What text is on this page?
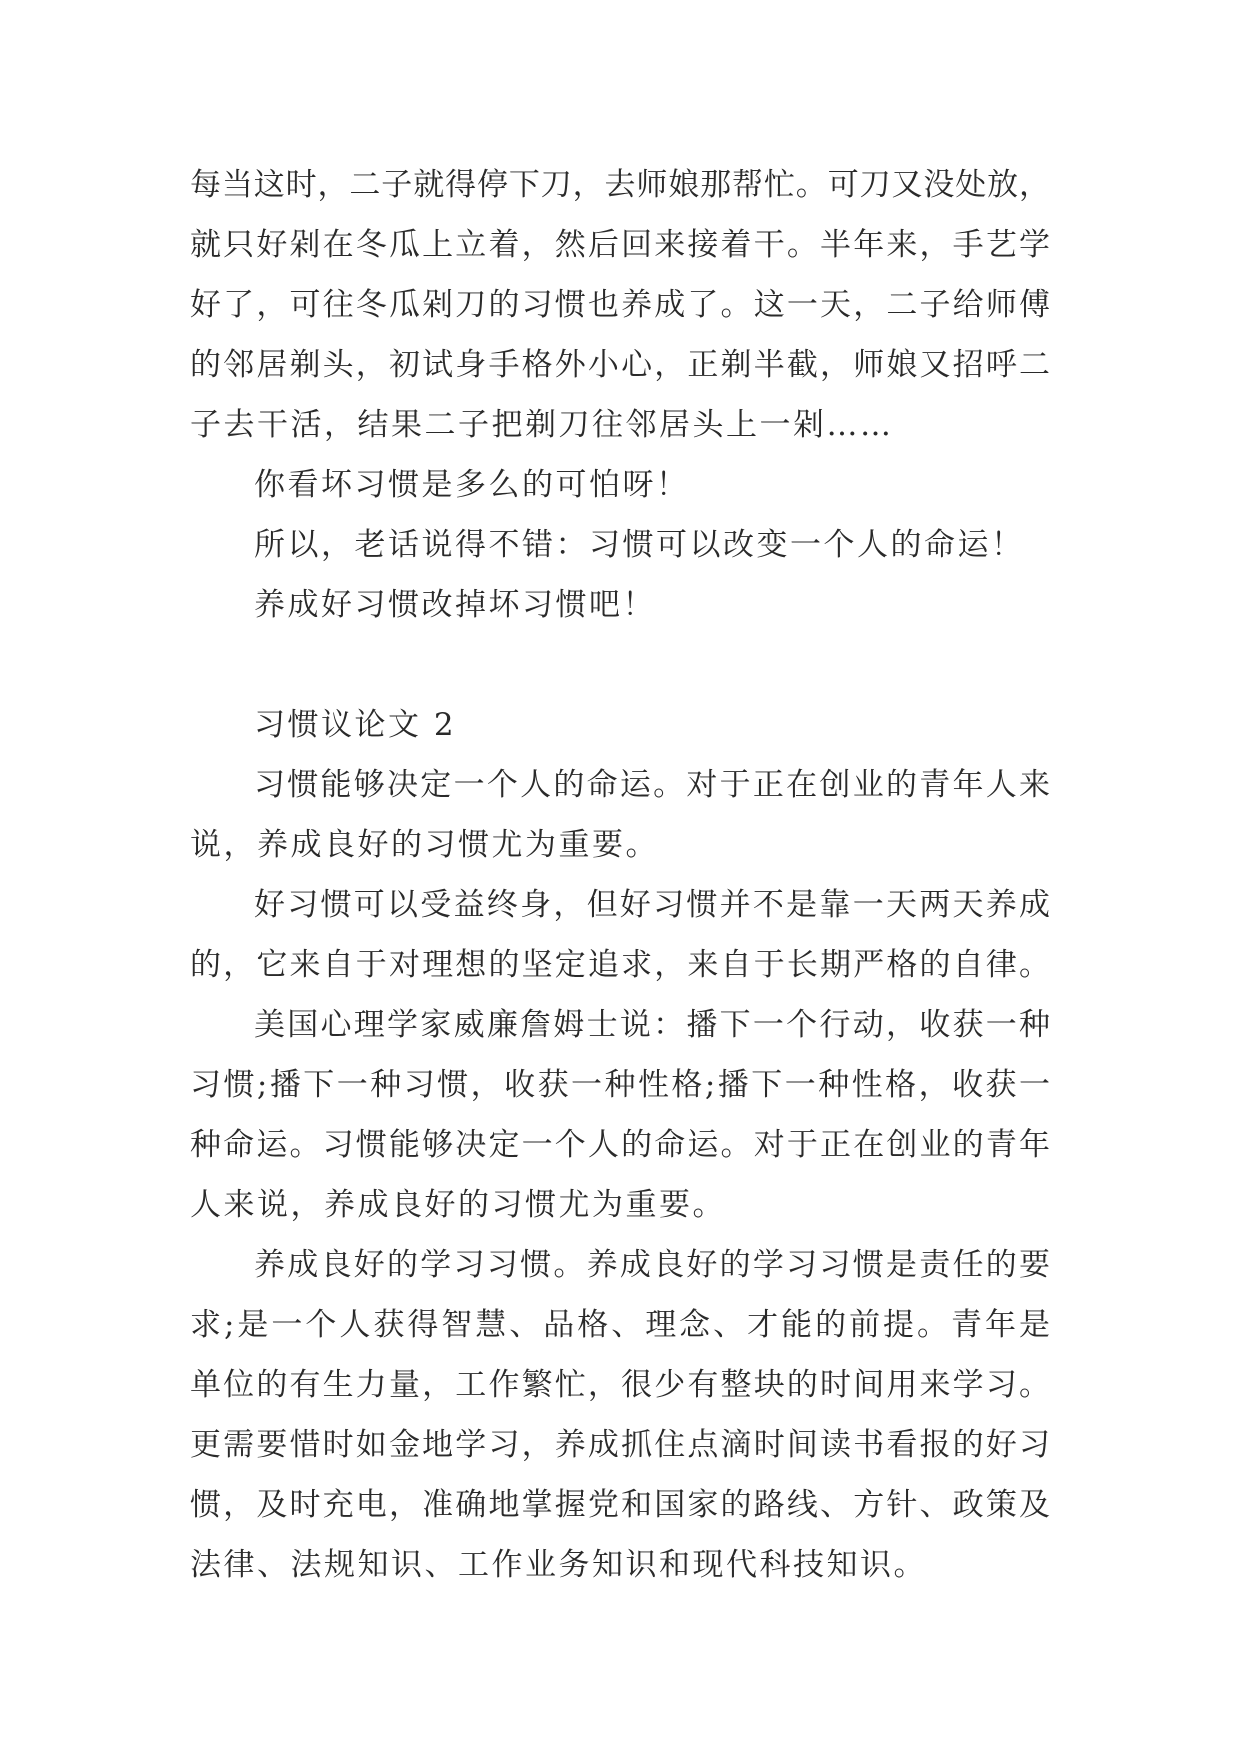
每当这时，二子就得停下刀，去师娘那帮忙。可刀又没处放，
就只好剁在冬瓜上立着，然后回来接着干。半年来，手艺学
好了，可往冬瓜剁刀的习惯也养成了。这一天，二子给师傅
的邻居剃头，初试身手格外小心，正剃半截，师娘又招呼二
子去干活，结果二子把剃刀往邻居头上一剁……
你看坏习惯是多么的可怕呀！
所以，老话说得不错：习惯可以改变一个人的命运！
养成好习惯改掉坏习惯吧！
习惯议论文 2
习惯能够决定一个人的命运。对于正在创业的青年人来
说，养成良好的习惯尤为重要。
好习惯可以受益终身，但好习惯并不是靠一天两天养成
的，它来自于对理想的坚定追求，来自于长期严格的自律。
美国心理学家威廉詹姆士说：播下一个行动，收获一种
习惯;播下一种习惯，收获一种性格;播下一种性格，收获一
种命运。习惯能够决定一个人的命运。对于正在创业的青年
人来说，养成良好的习惯尤为重要。
养成良好的学习习惯。养成良好的学习习惯是责任的要
求;是一个人获得智慧、品格、理念、才能的前提。青年是
单位的有生力量，工作繁忙，很少有整块的时间用来学习。
更需要惜时如金地学习，养成抓住点滴时间读书看报的好习
惯，及时充电，准确地掌握党和国家的路线、方针、政策及
法律、法规知识、工作业务知识和现代科技知识。
